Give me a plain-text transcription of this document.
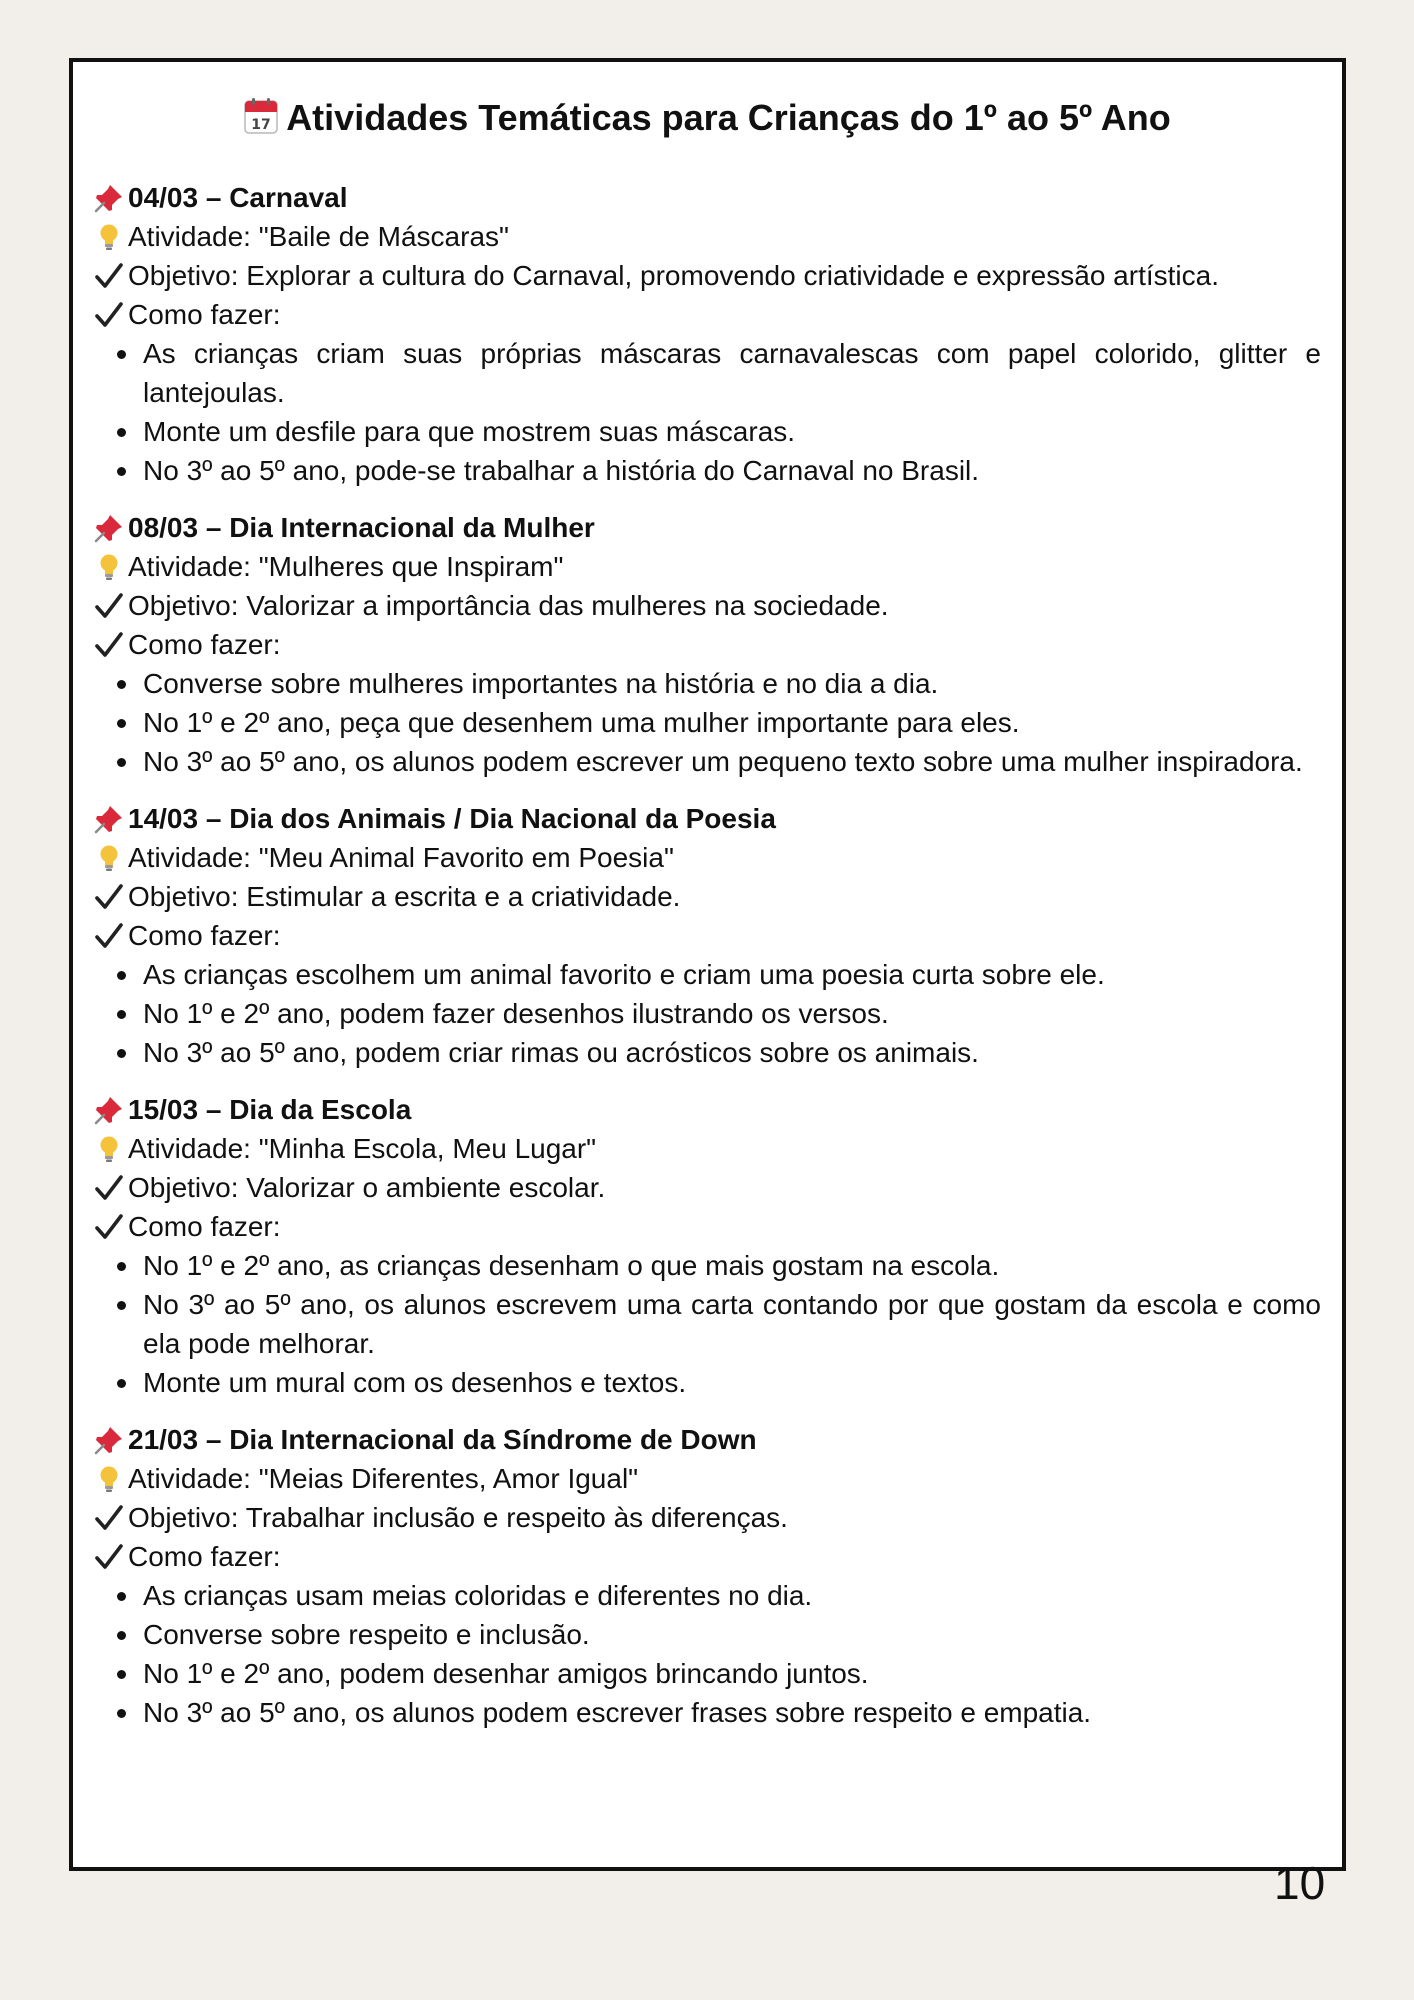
17 Atividades Temáticas para Crianças do 1º ao 5º Ano
04/03 – Carnaval
Atividade: "Baile de Máscaras"
Objetivo: Explorar a cultura do Carnaval, promovendo criatividade e expressão artística.
Como fazer:
As crianças criam suas próprias máscaras carnavalescas com papel colorido, glitter e lantejoulas.
Monte um desfile para que mostrem suas máscaras.
No 3º ao 5º ano, pode-se trabalhar a história do Carnaval no Brasil.
08/03 – Dia Internacional da Mulher
Atividade: "Mulheres que Inspiram"
Objetivo: Valorizar a importância das mulheres na sociedade.
Como fazer:
Converse sobre mulheres importantes na história e no dia a dia.
No 1º e 2º ano, peça que desenhem uma mulher importante para eles.
No 3º ao 5º ano, os alunos podem escrever um pequeno texto sobre uma mulher inspiradora.
14/03 – Dia dos Animais / Dia Nacional da Poesia
Atividade: "Meu Animal Favorito em Poesia"
Objetivo: Estimular a escrita e a criatividade.
Como fazer:
As crianças escolhem um animal favorito e criam uma poesia curta sobre ele.
No 1º e 2º ano, podem fazer desenhos ilustrando os versos.
No 3º ao 5º ano, podem criar rimas ou acrósticos sobre os animais.
15/03 – Dia da Escola
Atividade: "Minha Escola, Meu Lugar"
Objetivo: Valorizar o ambiente escolar.
Como fazer:
No 1º e 2º ano, as crianças desenham o que mais gostam na escola.
No 3º ao 5º ano, os alunos escrevem uma carta contando por que gostam da escola e como ela pode melhorar.
Monte um mural com os desenhos e textos.
21/03 – Dia Internacional da Síndrome de Down
Atividade: "Meias Diferentes, Amor Igual"
Objetivo: Trabalhar inclusão e respeito às diferenças.
Como fazer:
As crianças usam meias coloridas e diferentes no dia.
Converse sobre respeito e inclusão.
No 1º e 2º ano, podem desenhar amigos brincando juntos.
No 3º ao 5º ano, os alunos podem escrever frases sobre respeito e empatia.
10
